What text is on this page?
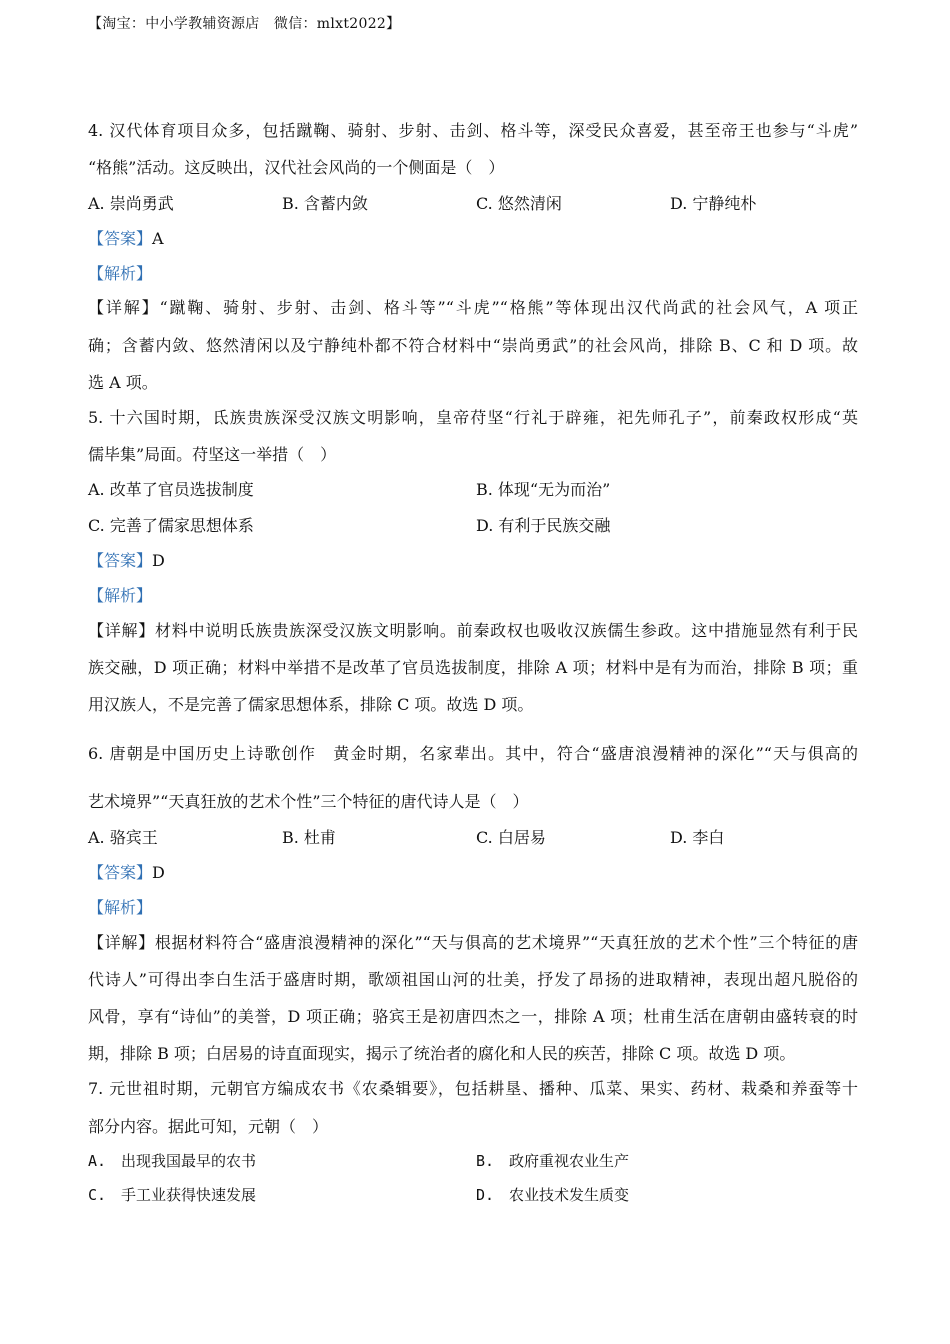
【淘宝：中小学教辅资源店　微信：mlxt2022】
4. 汉代体育项目众多，包括蹴鞠、骑射、步射、击剑、格斗等，深受民众喜爱，甚至帝王也参与“斗虎”
“格熊”活动。这反映出，汉代社会风尚的一个侧面是（　）
A. 崇尚勇武	B. 含蓄内敛	C. 悠然清闲	D. 宁静纯朴
【答案】A
【解析】
【详解】“蹴鞠、骑射、步射、击剑、格斗等”“斗虎”“格熊”等体现出汉代尚武的社会风气，A 项正
确；含蓄内敛、悠然清闲以及宁静纯朴都不符合材料中“崇尚勇武”的社会风尚，排除 B、C 和 D 项。故
选 A 项。
5. 十六国时期，氐族贵族深受汉族文明影响，皇帝苻坚“行礼于辟雍，祀先师孔子”，前秦政权形成“英
儒毕集”局面。苻坚这一举措（　）
A. 改革了官员选拔制度	B. 体现“无为而治”
C. 完善了儒家思想体系	D. 有利于民族交融
【答案】D
【解析】
【详解】材料中说明氐族贵族深受汉族文明影响。前秦政权也吸收汉族儒生参政。这中措施显然有利于民
族交融，D 项正确；材料中举措不是改革了官员选拔制度，排除 A 项；材料中是有为而治，排除 B 项；重
用汉族人，不是完善了儒家思想体系，排除 C 项。故选 D 项。
6. 唐朝是中国历史上诗歌创作　黄金时期，名家辈出。其中，符合“盛唐浪漫精神的深化”“天与俱高的
艺术境界”“天真狂放的艺术个性”三个特征的唐代诗人是（　）
A. 骆宾王	B. 杜甫	C. 白居易	D. 李白
【答案】D
【解析】
【详解】根据材料符合“盛唐浪漫精神的深化”“天与俱高的艺术境界”“天真狂放的艺术个性”三个特征的唐
代诗人”可得出李白生活于盛唐时期，歌颂祖国山河的壮美，抒发了昂扬的进取精神，表现出超凡脱俗的
风骨，享有“诗仙”的美誉，D 项正确；骆宾王是初唐四杰之一，排除 A 项；杜甫生活在唐朝由盛转衰的时
期，排除 B 项；白居易的诗直面现实，揭示了统治者的腐化和人民的疾苦，排除 C 项。故选 D 项。
7. 元世祖时期，元朝官方编成农书《农桑辑要》，包括耕垦、播种、瓜菜、果实、药材、栽桑和养蚕等十
部分内容。据此可知，元朝（　）
A.　出现我国最早的农书	B.　政府重视农业生产
C.　手工业获得快速发展	D.　农业技术发生质变
